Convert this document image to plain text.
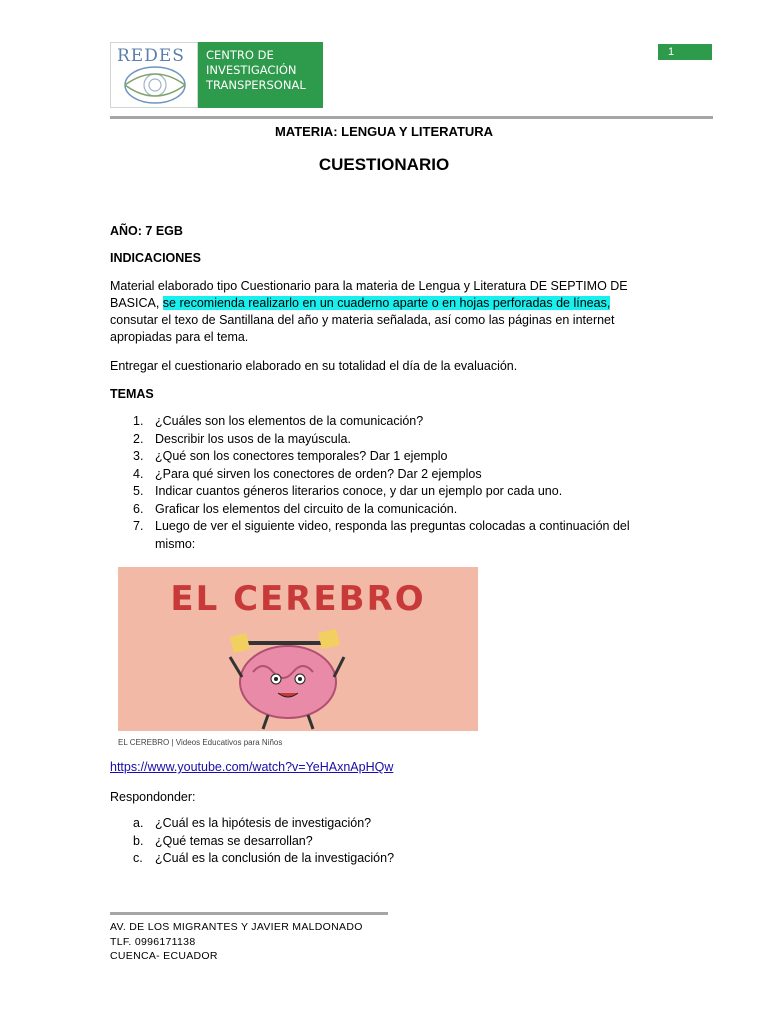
REDES CENTRO DE
INVESTIGACIÓN
TRANSPERSONAL
1
MATERIA: LENGUA Y LITERATURA
CUESTIONARIO
AÑO: 7 EGB
INDICACIONES
Material elaborado tipo Cuestionario para la materia de Lengua y Literatura DE SEPTIMO DE BASICA, se recomienda realizarlo en un cuaderno aparte o en hojas perforadas de líneas, consutar el texo de Santillana del año y materia señalada, así como las páginas en internet apropiadas para el tema.
Entregar el cuestionario elaborado en su totalidad el día de la evaluación.
TEMAS
1. ¿Cuáles son los elementos de la comunicación?
2. Describir los usos de la mayúscula.
3. ¿Qué son los conectores temporales? Dar 1 ejemplo
4. ¿Para qué sirven los conectores de orden? Dar 2 ejemplos
5. Indicar cuantos géneros literarios conoce, y dar un ejemplo por cada uno.
6. Graficar los elementos del circuito de la comunicación.
7. Luego de ver el siguiente video, responda las preguntas colocadas a continuación del mismo:
EL CEREBRO
EL CEREBRO | Videos Educativos para Niños
https://www.youtube.com/watch?v=YeHAxnApHQw
Respondonder:
a. ¿Cuál es la hipótesis de investigación?
b. ¿Qué temas se desarrollan?
c. ¿Cuál es la conclusión de la investigación?
AV. DE LOS MIGRANTES Y JAVIER MALDONADO
TLF. 0996171138
CUENCA- ECUADOR
